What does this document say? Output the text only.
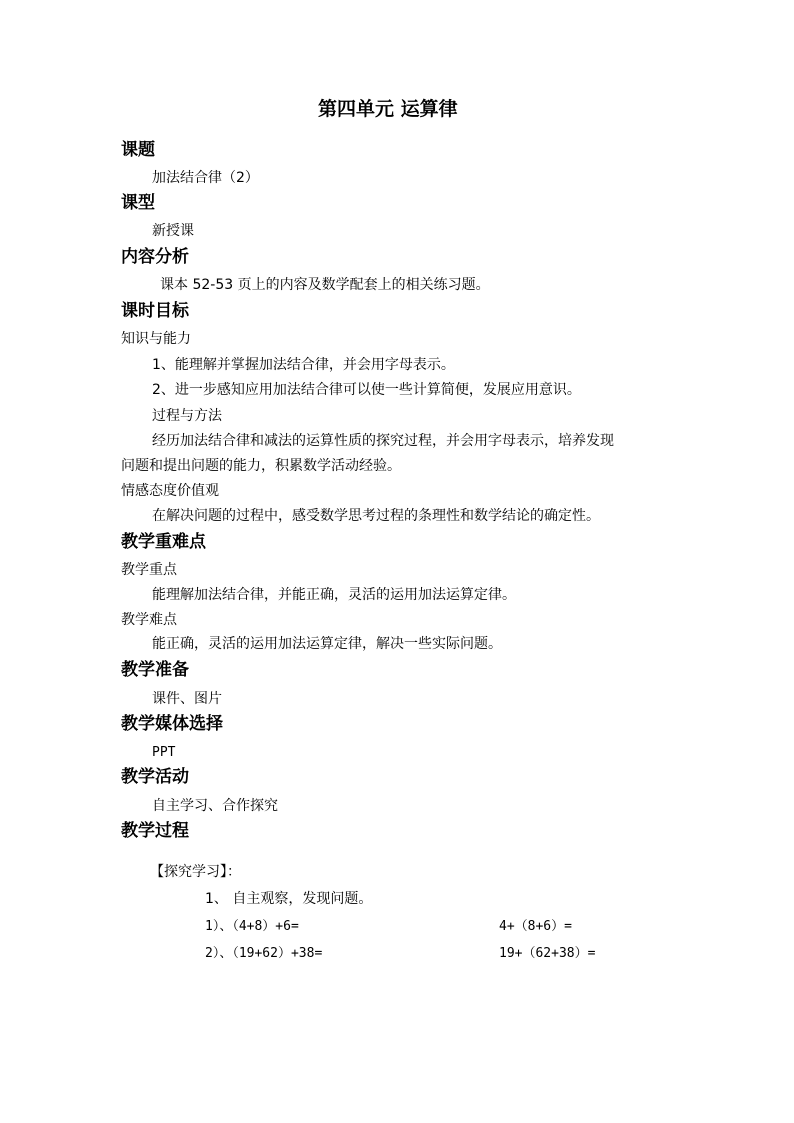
第四单元 运算律
课题
加法结合律（2）
课型
新授课
内容分析
课本 52-53 页上的内容及数学配套上的相关练习题。
课时目标
知识与能力
1、能理解并掌握加法结合律，并会用字母表示。
2、进一步感知应用加法结合律可以使一些计算简便，发展应用意识。
过程与方法
经历加法结合律和减法的运算性质的探究过程，并会用字母表示，培养发现
问题和提出问题的能力，积累数学活动经验。
情感态度价值观
在解决问题的过程中，感受数学思考过程的条理性和数学结论的确定性。
教学重难点
教学重点
能理解加法结合律，并能正确，灵活的运用加法运算定律。
教学难点
能正确，灵活的运用加法运算定律，解决一些实际问题。
教学准备
课件、图片
教学媒体选择
PPT
教学活动
自主学习、合作探究
教学过程
【探究学习】：
1、 自主观察，发现问题。
1）、（4+8）+6=	4+（8+6）=
2）、（19+62）+38=	19+（62+38）=
